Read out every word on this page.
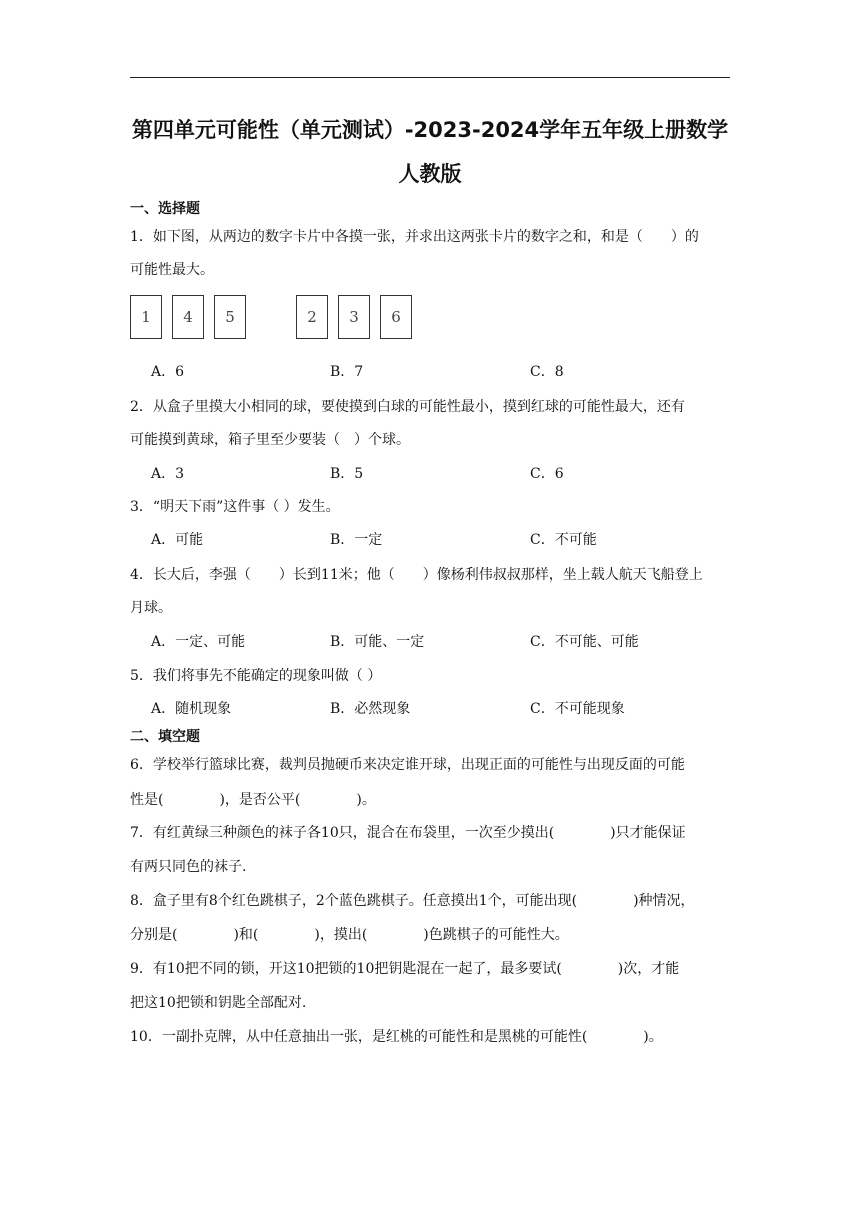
第四单元可能性（单元测试）-2023-2024学年五年级上册数学
人教版
一、选择题
1．如下图，从两边的数字卡片中各摸一张，并求出这两张卡片的数字之和，和是（　　）的
可能性最大。
1	4	5	2	3	6
A．6	B．7	C．8
2．从盒子里摸大小相同的球，要使摸到白球的可能性最小，摸到红球的可能性最大，还有
可能摸到黄球，箱子里至少要装（　）个球。
A．3	B．5	C．6
3．“明天下雨”这件事（ ）发生。
A．可能	B．一定	C．不可能
4．长大后，李强（　　）长到11米；他（　　）像杨利伟叔叔那样，坐上载人航天飞船登上
月球。
A．一定、可能	B．可能、一定	C．不可能、可能
5．我们将事先不能确定的现象叫做（ ）
A．随机现象	B．必然现象	C．不可能现象
二、填空题
6．学校举行篮球比赛，裁判员抛硬币来决定谁开球，出现正面的可能性与出现反面的可能
性是(　　　　)，是否公平(　　　　)。
7．有红黄绿三种颜色的袜子各10只，混合在布袋里，一次至少摸出(　　　　)只才能保证
有两只同色的袜子.
8．盒子里有8个红色跳棋子，2个蓝色跳棋子。任意摸出1个，可能出现(　　　　)种情况，
分别是(　　　　)和(　　　　)，摸出(　　　　)色跳棋子的可能性大。
9．有10把不同的锁，开这10把锁的10把钥匙混在一起了，最多要试(　　　　)次，才能
把这10把锁和钥匙全部配对.
10．一副扑克牌，从中任意抽出一张，是红桃的可能性和是黑桃的可能性(　　　　)。
